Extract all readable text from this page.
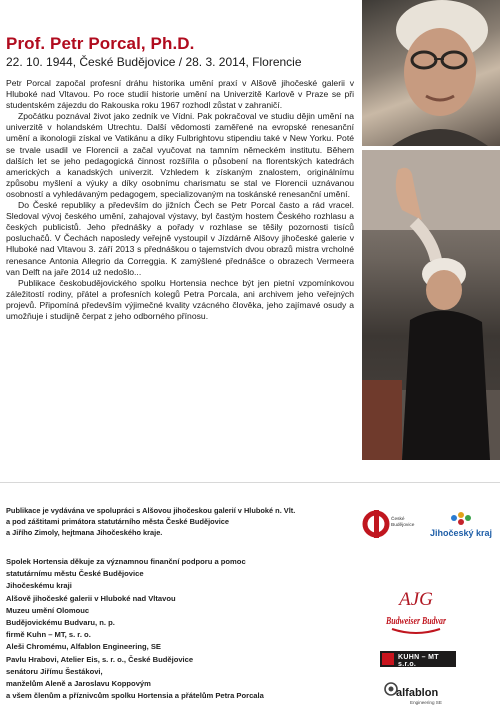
Prof. Petr Porcal, Ph.D.

22. 10. 1944, České Budějovice / 28. 3. 2014, Florencie

Petr Porcal započal profesní dráhu historika umění praxí v Alšově jihočeské galerii v Hluboké nad Vltavou. Po roce studií historie umění na Univerzitě Karlově v Praze se při studentském zájezdu do Rakouska roku 1967 rozhodl zůstat v zahraničí.

Zpočátku poznával život jako zedník ve Vídni. Pak pokračoval ve studiu dějin umění na univerzitě v holandském Utrechtu. Další vědomosti zaměřené na evropské renesanční umění a ikonologii získal ve Vatikánu a díky Fulbrightovu stipendiu také v New Yorku. Poté se trvale usadil ve Florencii a začal vyučovat na tamním německém institutu. Během dalších let se jeho pedagogická činnost rozšířila o působení na florentských katedrách amerických a kanadských univerzit. Vzhledem k získaným znalostem, originálnímu způsobu myšlení a výuky a díky osobnímu charismatu se stal ve Florencii uznávanou osobností a vyhledávaným pedagogem, specializovaným na toskánské renesanční umění.

Do České republiky a především do jižních Čech se Petr Porcal často a rád vracel. Sledoval vývoj českého umění, zahajoval výstavy, byl častým hostem Českého rozhlasu a českých publicistů. Jeho přednášky a pořady v rozhlase se těšily pozornosti tisíců posluchačů. V Čechách naposledy veřejně vystoupil v Jízdárně Alšovy jihočeské galerie v Hluboké nad Vltavou 3. září 2013 s přednáškou o tajemstvích dvou obrazů mistra vrcholné renesance Antonia Allegrio da Correggia. K zamýšlené přednášce o obrazech Vermeera van Delft na jaře 2014 už nedošlo...

Publikace českobudějovického spolku Hortensia nechce být jen pietní vzpomínkovou záležitostí rodiny, přátel a profesních kolegů Petra Porcala, ani archivem jeho veřejných projevů. Připomíná především výjimečné kvality vzácného člověka, jeho zajímavé osudy a umožňuje i studijně čerpat z jeho odborného přínosu.

Publikace je vydávána ve spolupráci s Alšovou jihočeskou galerií v Hluboké n. Vlt.

a pod záštitami primátora statutárního města České Budějovice

a Jiřího Zimoly, hejtmana Jihočeského kraje.

Spolek Hortensia děkuje za významnou finanční podporu a pomoc

statutárnímu městu České Budějovice

Jihočeskému kraji

Alšově jihočeské galerii v Hluboké nad Vltavou

Muzeu umění Olomouc

Budějovickému Budvaru, n. p.

firmě Kuhn – MT, s. r. o.

Aleši Chromému, Alfablon Engineering, SE

Pavlu Hrabovi, Atelier Eis, s. r. o., České Budějovice

senátoru Jiřímu Šestákovi,

manželům Aleně a Jaroslavu Koppovým

a všem členům a příznivcům spolku Hortensia a přátelům Petra Porcala

České Budějovice
Jihočeský kraj
AJG
Budweiser Budvar
KUHN – MT s.r.o.
alfablon
Engineering SE
